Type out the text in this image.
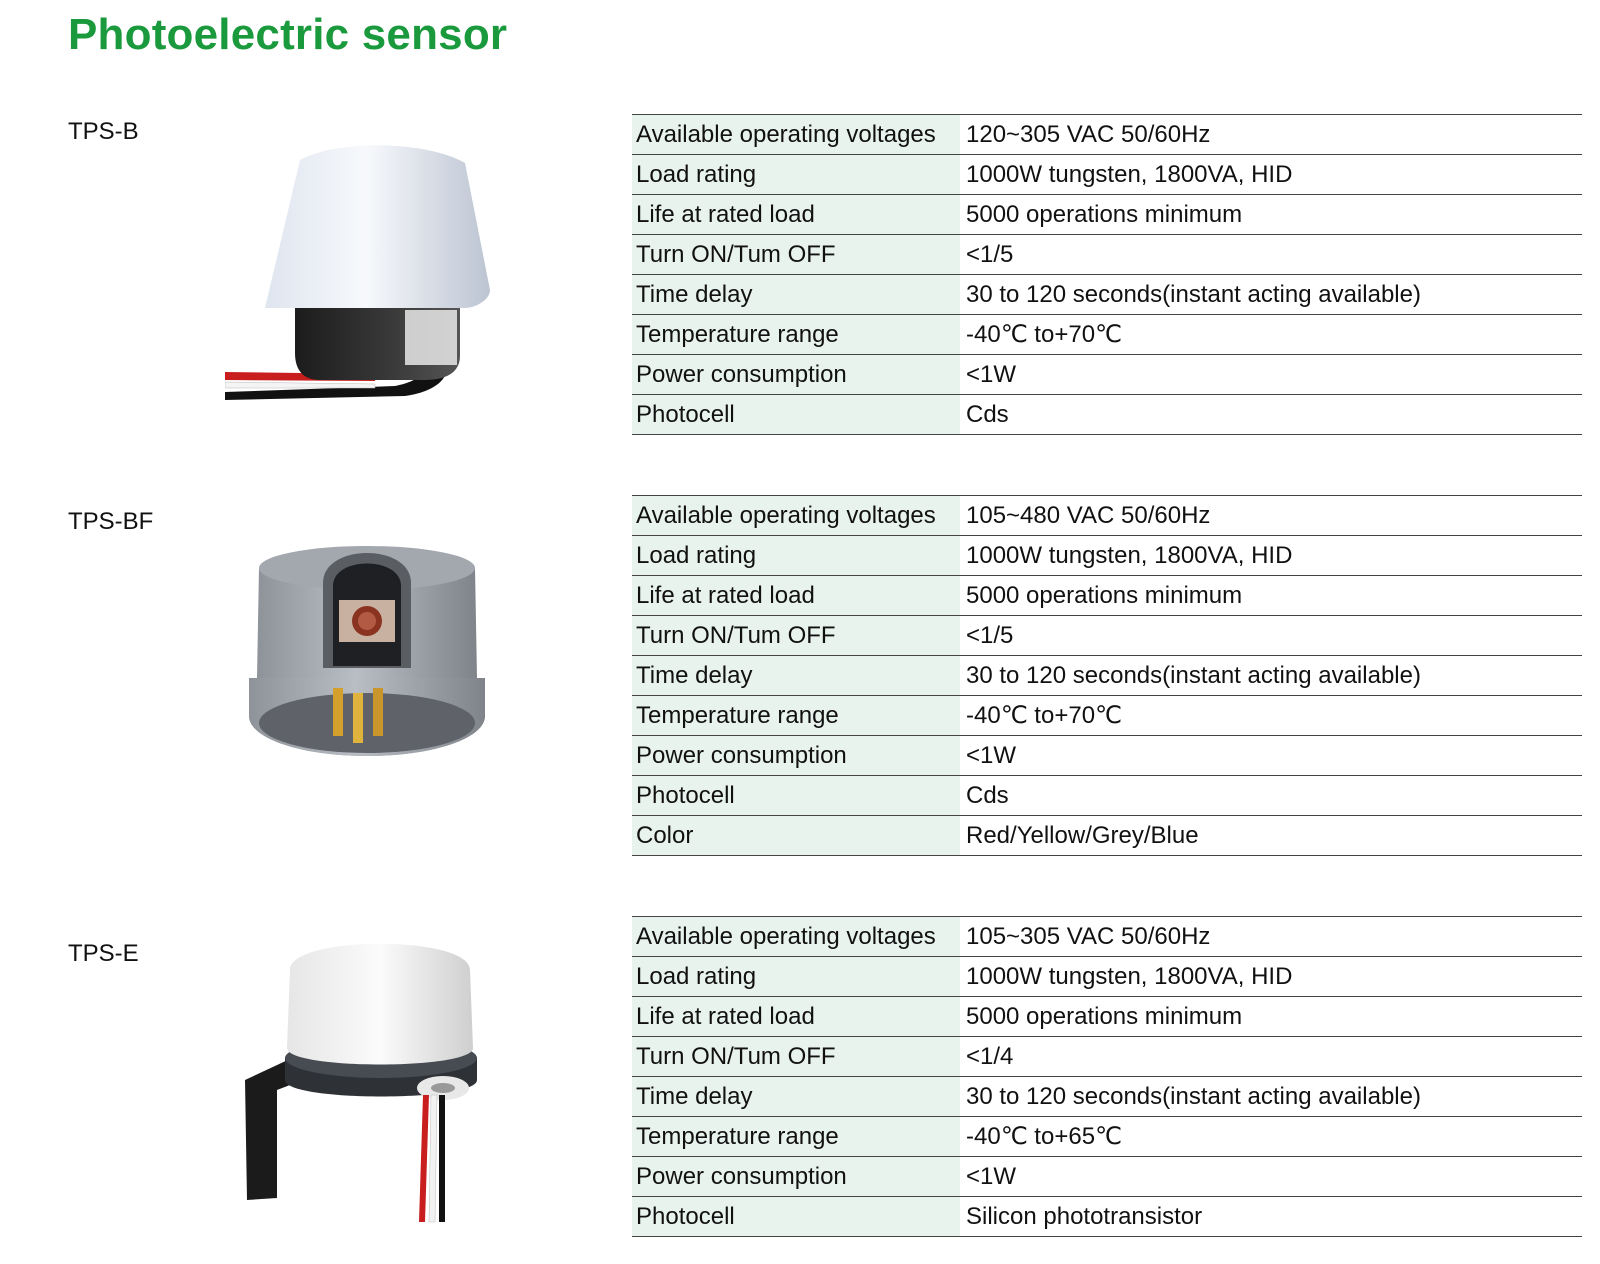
Photoelectric sensor
TPS-B	Available operating voltages	120~305 VAC 50/60Hz
Load rating	1000W tungsten, 1800VA, HID
Life at rated load	5000 operations minimum
Turn ON/Tum OFF	<1/5
Time delay	30 to 120 seconds(instant acting available)
Temperature range	-40℃ to+70℃
Power consumption	<1W
Photocell	Cds
TPS-BF	Available operating voltages	105~480 VAC 50/60Hz
Load rating	1000W tungsten, 1800VA, HID
Life at rated load	5000 operations minimum
Turn ON/Tum OFF	<1/5
Time delay	30 to 120 seconds(instant acting available)
Temperature range	-40℃ to+70℃
Power consumption	<1W
Photocell	Cds
Color	Red/Yellow/Grey/Blue
TPS-E
Available operating voltages	105~305 VAC 50/60Hz
Load rating	1000W tungsten, 1800VA, HID
Life at rated load	5000 operations minimum
Turn ON/Tum OFF	<1/4
Time delay	30 to 120 seconds(instant acting available)
Temperature range	-40℃ to+65℃
Power consumption	<1W
Photocell	Silicon phototransistor
